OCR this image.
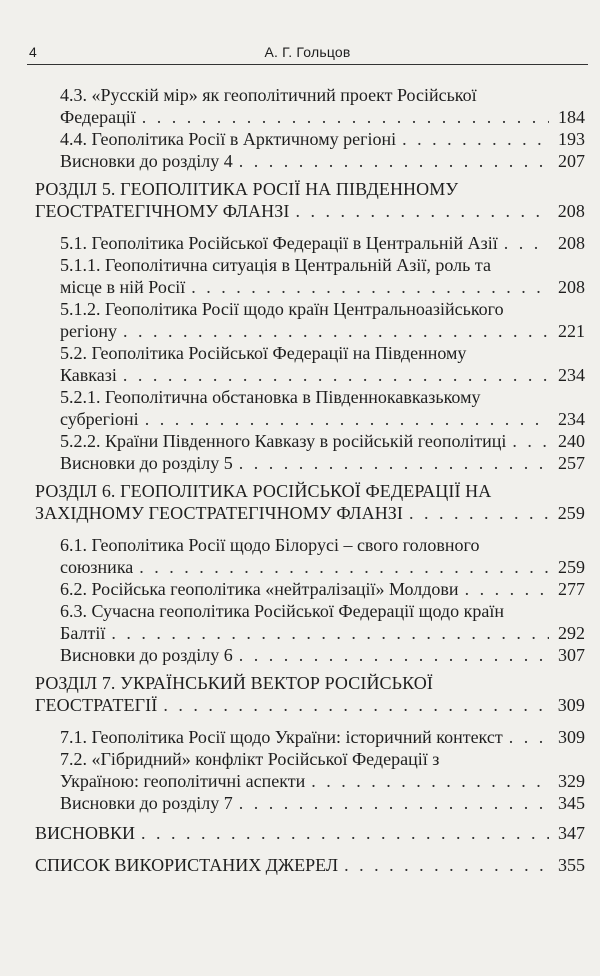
4	А. Г. Гольцов
4.3. «Русскій мір» як геополітичний проект Російської
Федерації . . .	184
4.4. Геополітика Росії в Арктичному регіоні . . .	193
Висновки до розділу 4 . . .	207
РОЗДІЛ 5. ГЕОПОЛІТИКА РОСІЇ НА ПІВДЕННОМУ
ГЕОСТРАТЕГІЧНОМУ ФЛАНЗІ . . .	208
5.1. Геополітика Російської Федерації в Центральній Азії . . .	208
5.1.1. Геополітична ситуація в Центральній Азії, роль та
місце в ній Росії . . .	208
5.1.2. Геополітика Росії щодо країн Центральноазійського
регіону . . .	221
5.2. Геополітика Російської Федерації на Південному
Кавказі . . .	234
5.2.1. Геополітична обстановка в Південнокавказькому
субрегіоні . . .	234
5.2.2. Країни Південного Кавказу в російській геополітиці . . .	240
Висновки до розділу 5 . . .	257
РОЗДІЛ 6. ГЕОПОЛІТИКА РОСІЙСЬКОЇ ФЕДЕРАЦІЇ НА
ЗАХІДНОМУ ГЕОСТРАТЕГІЧНОМУ ФЛАНЗІ . . .	259
6.1. Геополітика Росії щодо Білорусі – свого головного
союзника . . .	259
6.2. Російська геополітика «нейтралізації» Молдови . . .	277
6.3. Сучасна геополітика Російської Федерації щодо країн
Балтії . . .	292
Висновки до розділу 6 . . .	307
РОЗДІЛ 7. УКРАЇНСЬКИЙ ВЕКТОР РОСІЙСЬКОЇ
ГЕОСТРАТЕГІЇ . . .	309
7.1. Геополітика Росії щодо України: історичний контекст . . .	309
7.2. «Гібридний» конфлікт Російської Федерації з
Україною: геополітичні аспекти . . .	329
Висновки до розділу 7 . . .	345
ВИСНОВКИ . . .	347
СПИСОК ВИКОРИСТАНИХ ДЖЕРЕЛ . . .	355
